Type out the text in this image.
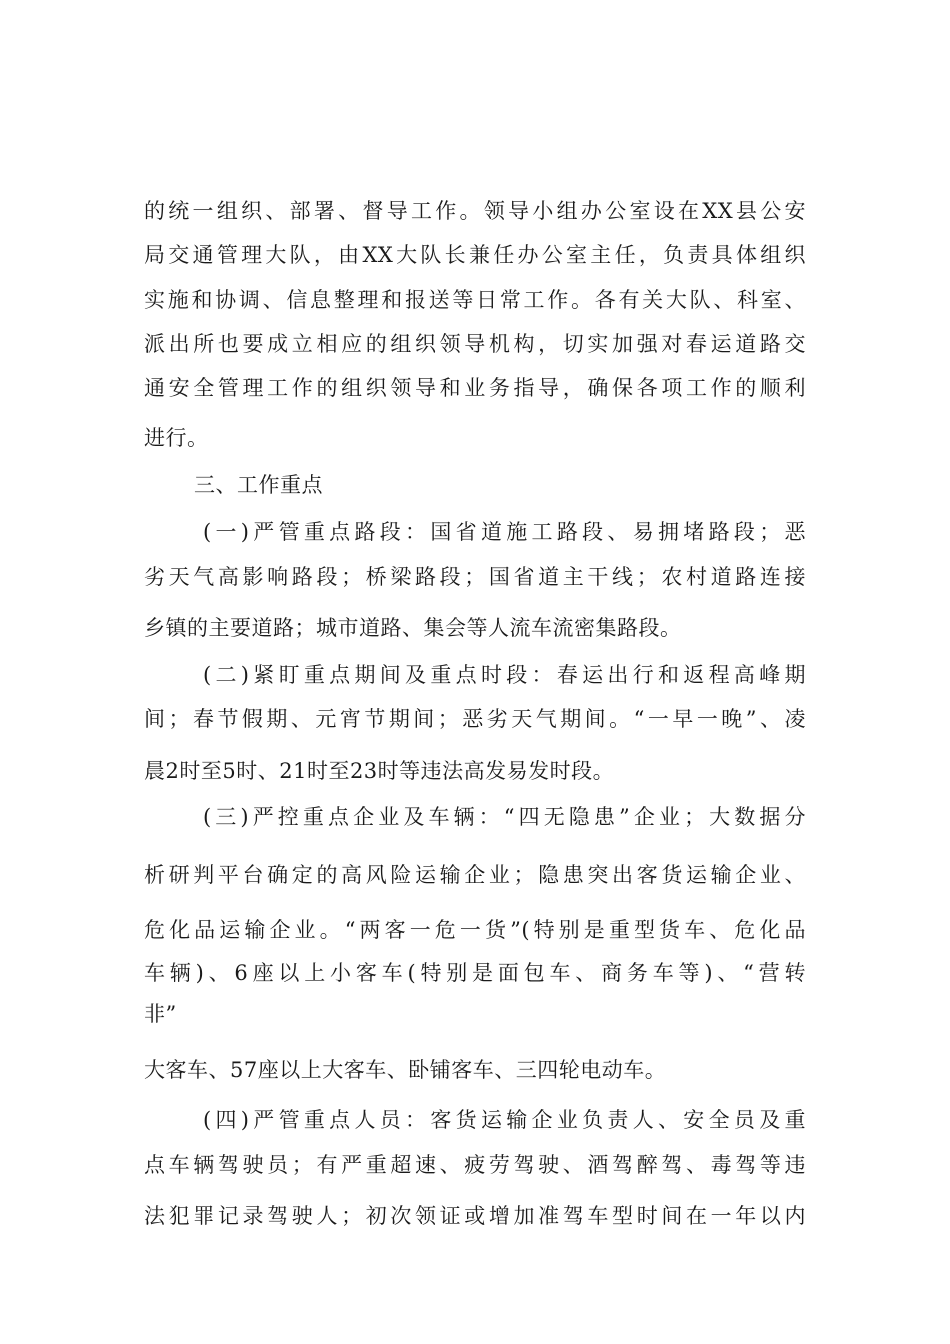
的统一组织、部署、督导工作。领导小组办公室设在XX县公安
局交通管理大队，由XX大队长兼任办公室主任，负责具体组织
实施和协调、信息整理和报送等日常工作。各有关大队、科室、
派出所也要成立相应的组织领导机构，切实加强对春运道路交
通安全管理工作的组织领导和业务指导，确保各项工作的顺利
进行。
三、工作重点
(一)严管重点路段：国省道施工路段、易拥堵路段；恶
劣天气高影响路段；桥梁路段；国省道主干线；农村道路连接
乡镇的主要道路；城市道路、集会等人流车流密集路段。
(二)紧盯重点期间及重点时段：春运出行和返程高峰期
间；春节假期、元宵节期间；恶劣天气期间。“一早一晚”、凌
晨2时至5时、21时至23时等违法高发易发时段。
(三)严控重点企业及车辆：“四无隐患”企业；大数据分
析研判平台确定的高风险运输企业；隐患突出客货运输企业、
危化品运输企业。“两客一危一货”(特别是重型货车、危化品
车辆)、6座以上小客车(特别是面包车、商务车等)、“营转
非”
大客车、57座以上大客车、卧铺客车、三四轮电动车。
(四)严管重点人员：客货运输企业负责人、安全员及重
点车辆驾驶员；有严重超速、疲劳驾驶、酒驾醉驾、毒驾等违
法犯罪记录驾驶人；初次领证或增加准驾车型时间在一年以内
